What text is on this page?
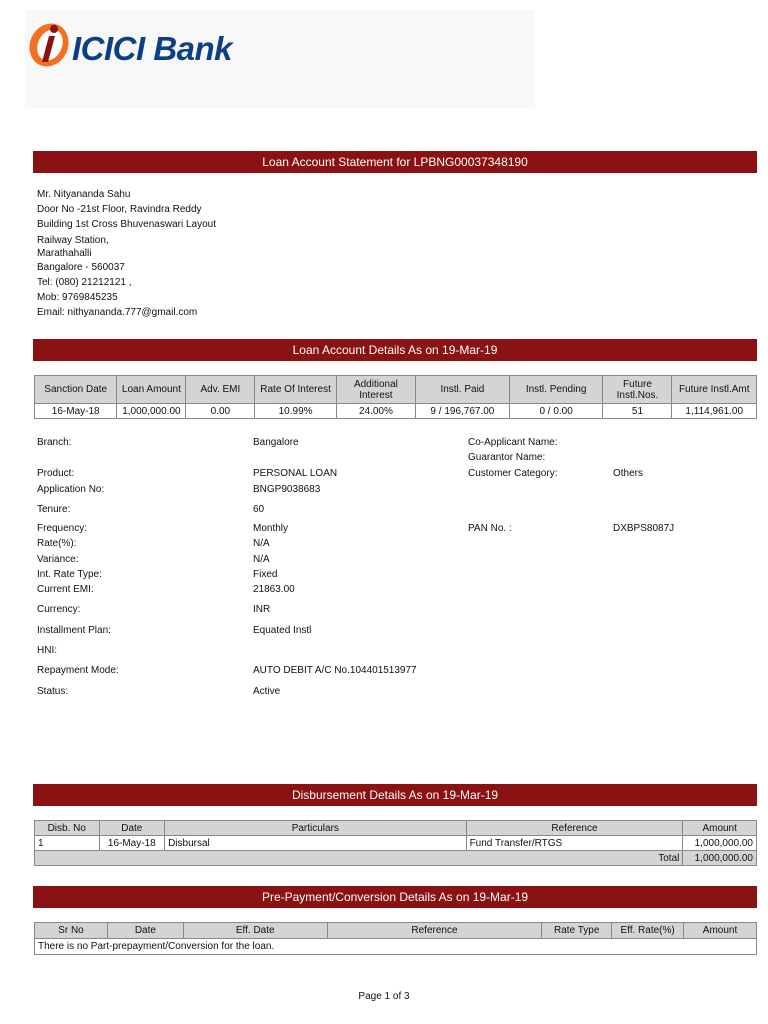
ICICI Bank
Loan Account Statement for LPBNG00037348190
Mr. Nityananda Sahu
Door No -21st Floor, Ravindra Reddy
Building 1st Cross Bhuvenaswari Layout
Railway Station,
Marathahalli
Bangalore - 560037
Tel: (080) 21212121 ,
Mob: 9769845235
Email: nithyananda.777@gmail.com
Loan Account Details As on 19-Mar-19
Sanction Date	Loan Amount	Adv. EMI	Rate Of Interest	Additional Interest	Instl. Paid	Instl. Pending	Future Instl.Nos.	Future Instl.Amt
16-May-18	1,000,000.00	0.00	10.99%	24.00%	9 / 196,767.00	0 / 0.00	51	1,114,961.00
Branch:	Bangalore	Co-Applicant Name:
Guarantor Name:
Product:	PERSONAL LOAN	Customer Category:	Others
Application No:	BNGP9038683
Tenure:	60
Frequency:	Monthly	PAN No. :	DXBPS8087J
Rate(%):	N/A
Variance:	N/A
Int. Rate Type:	Fixed
Current EMI:	21863.00
Currency:	INR
Installment Plan:	Equated Instl
HNI:
Repayment Mode:	AUTO DEBIT A/C No.104401513977
Status:	Active
Disbursement Details As on 19-Mar-19
Disb. No	Date	Particulars	Reference	Amount
1	16-May-18	Disbursal	Fund Transfer/RTGS	1,000,000.00
Total				1,000,000.00
Pre-Payment/Conversion Details As on 19-Mar-19
Sr No	Date	Eff. Date	Reference	Rate Type	Eff. Rate(%)	Amount
There is no Part-prepayment/Conversion for the loan.
Page 1 of 3
